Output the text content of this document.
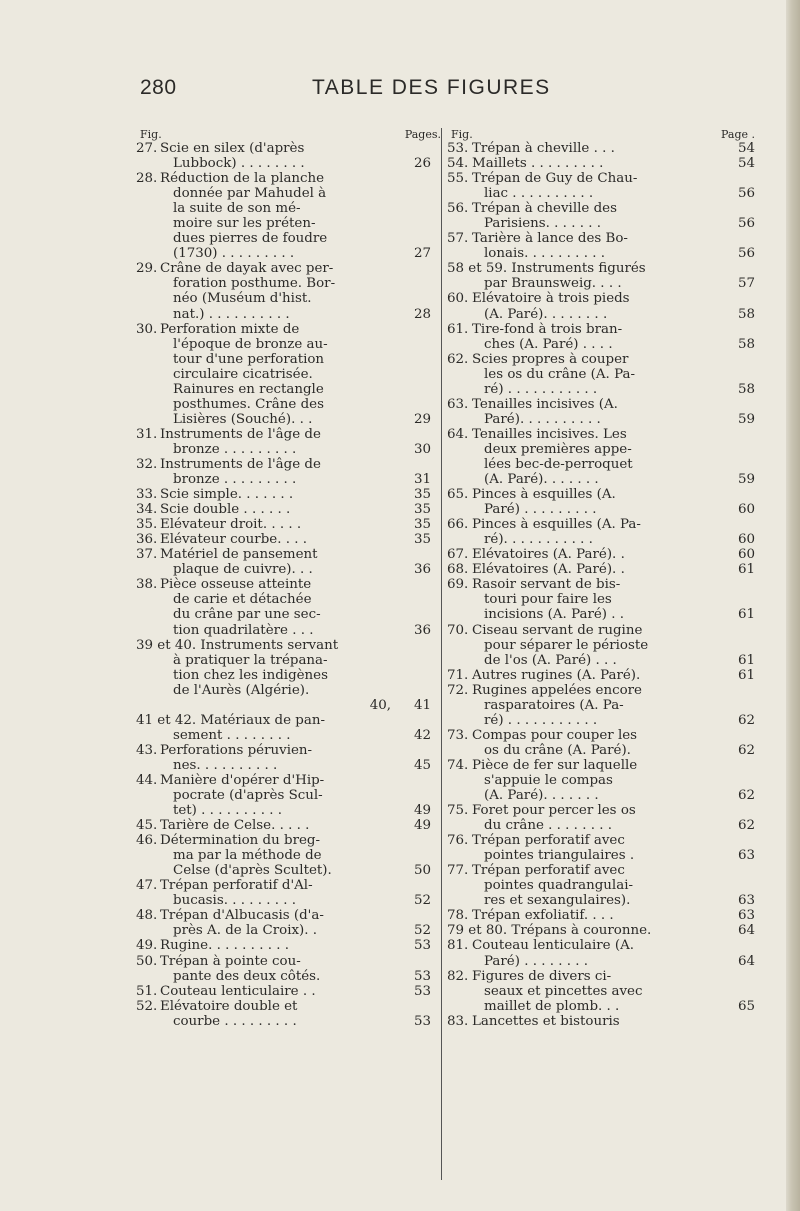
280	TABLE DES FIGURES
Fig.	Pages.
27. Scie en silex (d'après
Lubbock) . . . . . . . .	26
28. Réduction de la planche
donnée par Mahudel à
la suite de son mé-
moire sur les préten-
dues pierres de foudre
(1730) . . . . . . . . .	27
29. Crâne de dayak avec per-
foration posthume. Bor-
néo (Muséum d'hist.
nat.) . . . . . . . . . .	28
30. Perforation mixte de
l'époque de bronze au-
tour d'une perforation
circulaire cicatrisée.
Rainures en rectangle
posthumes. Crâne des
Lisières (Souché). . .	29
31. Instruments de l'âge de
bronze . . . . . . . . .	30
32. Instruments de l'âge de
bronze . . . . . . . . .	31
33. Scie simple. . . . . . .	35
34. Scie double . . . . . .	35
35. Elévateur droit. . . . .	35
36. Elévateur courbe. . . .	35
37. Matériel de pansement
plaque de cuivre). . .	36
38. Pièce osseuse atteinte
de carie et détachée
du crâne par une sec-
tion quadrilatère . . .	36
39 et 40. Instruments servant
à pratiquer la trépana-
tion chez les indigènes
de l'Aurès (Algérie).
40, 41
41 et 42. Matériaux de pan-
sement . . . . . . . .	42
43. Perforations péruvien-
nes. . . . . . . . . .	45
44. Manière d'opérer d'Hip-
pocrate (d'après Scul-
tet) . . . . . . . . . .	49
45. Tarière de Celse. . . . .	49
46. Détermination du breg-
ma par la méthode de
Celse (d'après Scultet).	50
47. Trépan perforatif d'Al-
bucasis. . . . . . . . .	52
48. Trépan d'Albucasis (d'a-
près A. de la Croix). .	52
49. Rugine. . . . . . . . . .	53
50. Trépan à pointe cou-
pante des deux côtés.	53
51. Couteau lenticulaire . .	53
52. Elévatoire double et
courbe . . . . . . . . .	53
Fig.	Page .
53. Trépan à cheville . . .	54
54. Maillets . . . . . . . . .	54
55. Trépan de Guy de Chau-
liac . . . . . . . . . .	56
56. Trépan à cheville des
Parisiens. . . . . . .	56
57. Tarière à lance des Bo-
lonais. . . . . . . . . .	56
58 et 59. Instruments figurés
par Braunsweig. . . .	57
60. Elévatoire à trois pieds
(A. Paré). . . . . . . .	58
61. Tire-fond à trois bran-
ches (A. Paré) . . . .	58
62. Scies propres à couper
les os du crâne (A. Pa-
ré) . . . . . . . . . . .	58
63. Tenailles incisives (A.
Paré). . . . . . . . . .	59
64. Tenailles incisives. Les
deux premières appe-
lées bec-de-perroquet
(A. Paré). . . . . . .	59
65. Pinces à esquilles (A.
Paré) . . . . . . . . .	60
66. Pinces à esquilles (A. Pa-
ré). . . . . . . . . . .	60
67. Elévatoires (A. Paré). .	60
68. Elévatoires (A. Paré). .	61
69. Rasoir servant de bis-
touri pour faire les
incisions (A. Paré) . .	61
70. Ciseau servant de rugine
pour séparer le périoste
de l'os (A. Paré) . . .	61
71. Autres rugines (A. Paré).	61
72. Rugines appelées encore
rasparatoires (A. Pa-
ré) . . . . . . . . . . .	62
73. Compas pour couper les
os du crâne (A. Paré).	62
74. Pièce de fer sur laquelle
s'appuie le compas
(A. Paré). . . . . . .	62
75. Foret pour percer les os
du crâne . . . . . . . .	62
76. Trépan perforatif avec
pointes triangulaires .	63
77. Trépan perforatif avec
pointes quadrangulai-
res et sexangulaires).	63
78. Trépan exfoliatif. . . .	63
79 et 80. Trépans à couronne.	64
81. Couteau lenticulaire (A.
Paré) . . . . . . . .	64
82. Figures de divers ci-
seaux et pincettes avec
maillet de plomb. . .	65
83. Lancettes et bistouris
